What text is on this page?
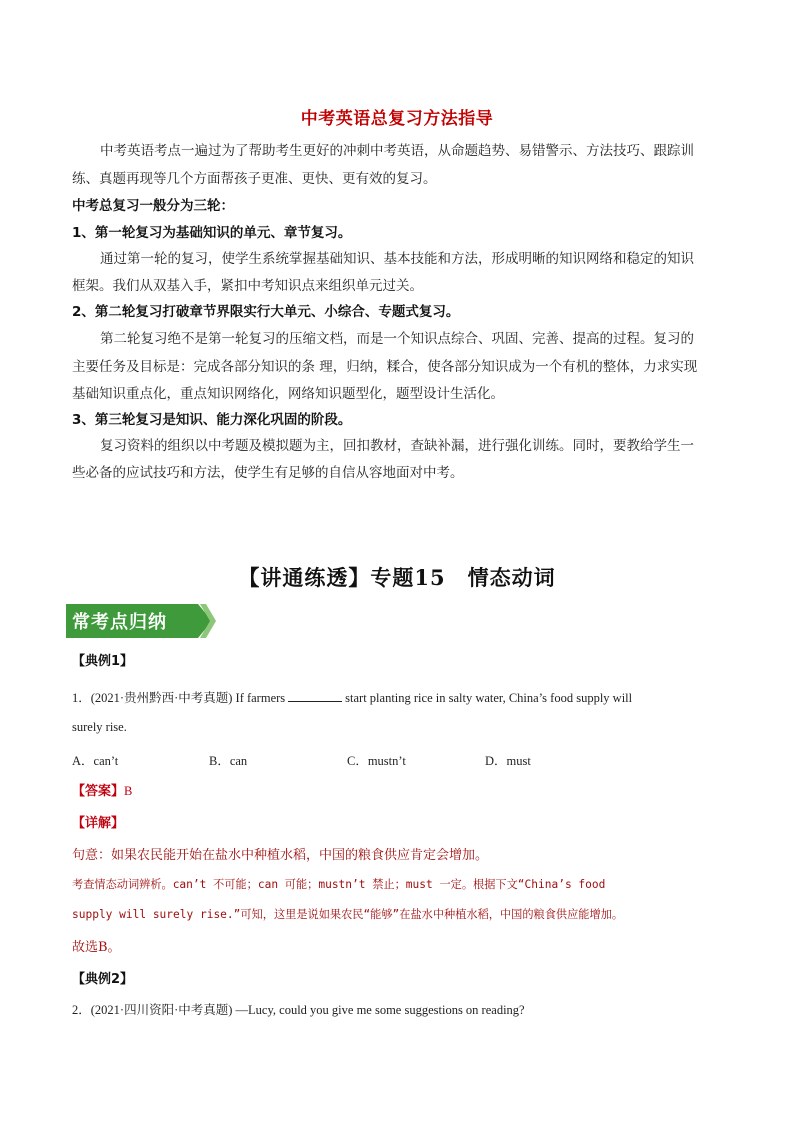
中考英语总复习方法指导
中考英语考点一遍过为了帮助考生更好的冲刺中考英语，从命题趋势、易错警示、方法技巧、跟踪训
练、真题再现等几个方面帮孩子更准、更快、更有效的复习。
中考总复习一般分为三轮：
1、第一轮复习为基础知识的单元、章节复习。
通过第一轮的复习，使学生系统掌握基础知识、基本技能和方法，形成明晰的知识网络和稳定的知识
框架。我们从双基入手，紧扣中考知识点来组织单元过关。
2、第二轮复习打破章节界限实行大单元、小综合、专题式复习。
第二轮复习绝不是第一轮复习的压缩文档，而是一个知识点综合、巩固、完善、提高的过程。复习的
主要任务及目标是：完成各部分知识的条 理，归纳，糅合，使各部分知识成为一个有机的整体，力求实现
基础知识重点化，重点知识网络化，网络知识题型化，题型设计生活化。
3、第三轮复习是知识、能力深化巩固的阶段。
复习资料的组织以中考题及模拟题为主，回扣教材，查缺补漏，进行强化训练。同时，要教给学生一
些必备的应试技巧和方法，使学生有足够的自信从容地面对中考。
【讲通练透】专题15　情态动词
常考点归纳
【典例1】
1．(2021·贵州黔西·中考真题) If farmers	start planting rice in salty water, China’s food supply will
surely rise.
A．can’t	B．can	C．mustn’t	D．must
【答案】B
【详解】
句意：如果农民能开始在盐水中种植水稻，中国的粮食供应肯定会增加。
考查情态动词辨析。can’t 不可能；can 可能；mustn’t 禁止；must 一定。根据下文“China’s food
supply will surely rise.”可知，这里是说如果农民“能够”在盐水中种植水稻，中国的粮食供应能增加。
故选B。
【典例2】
2．(2021·四川资阳·中考真题) —Lucy, could you give me some suggestions on reading?
